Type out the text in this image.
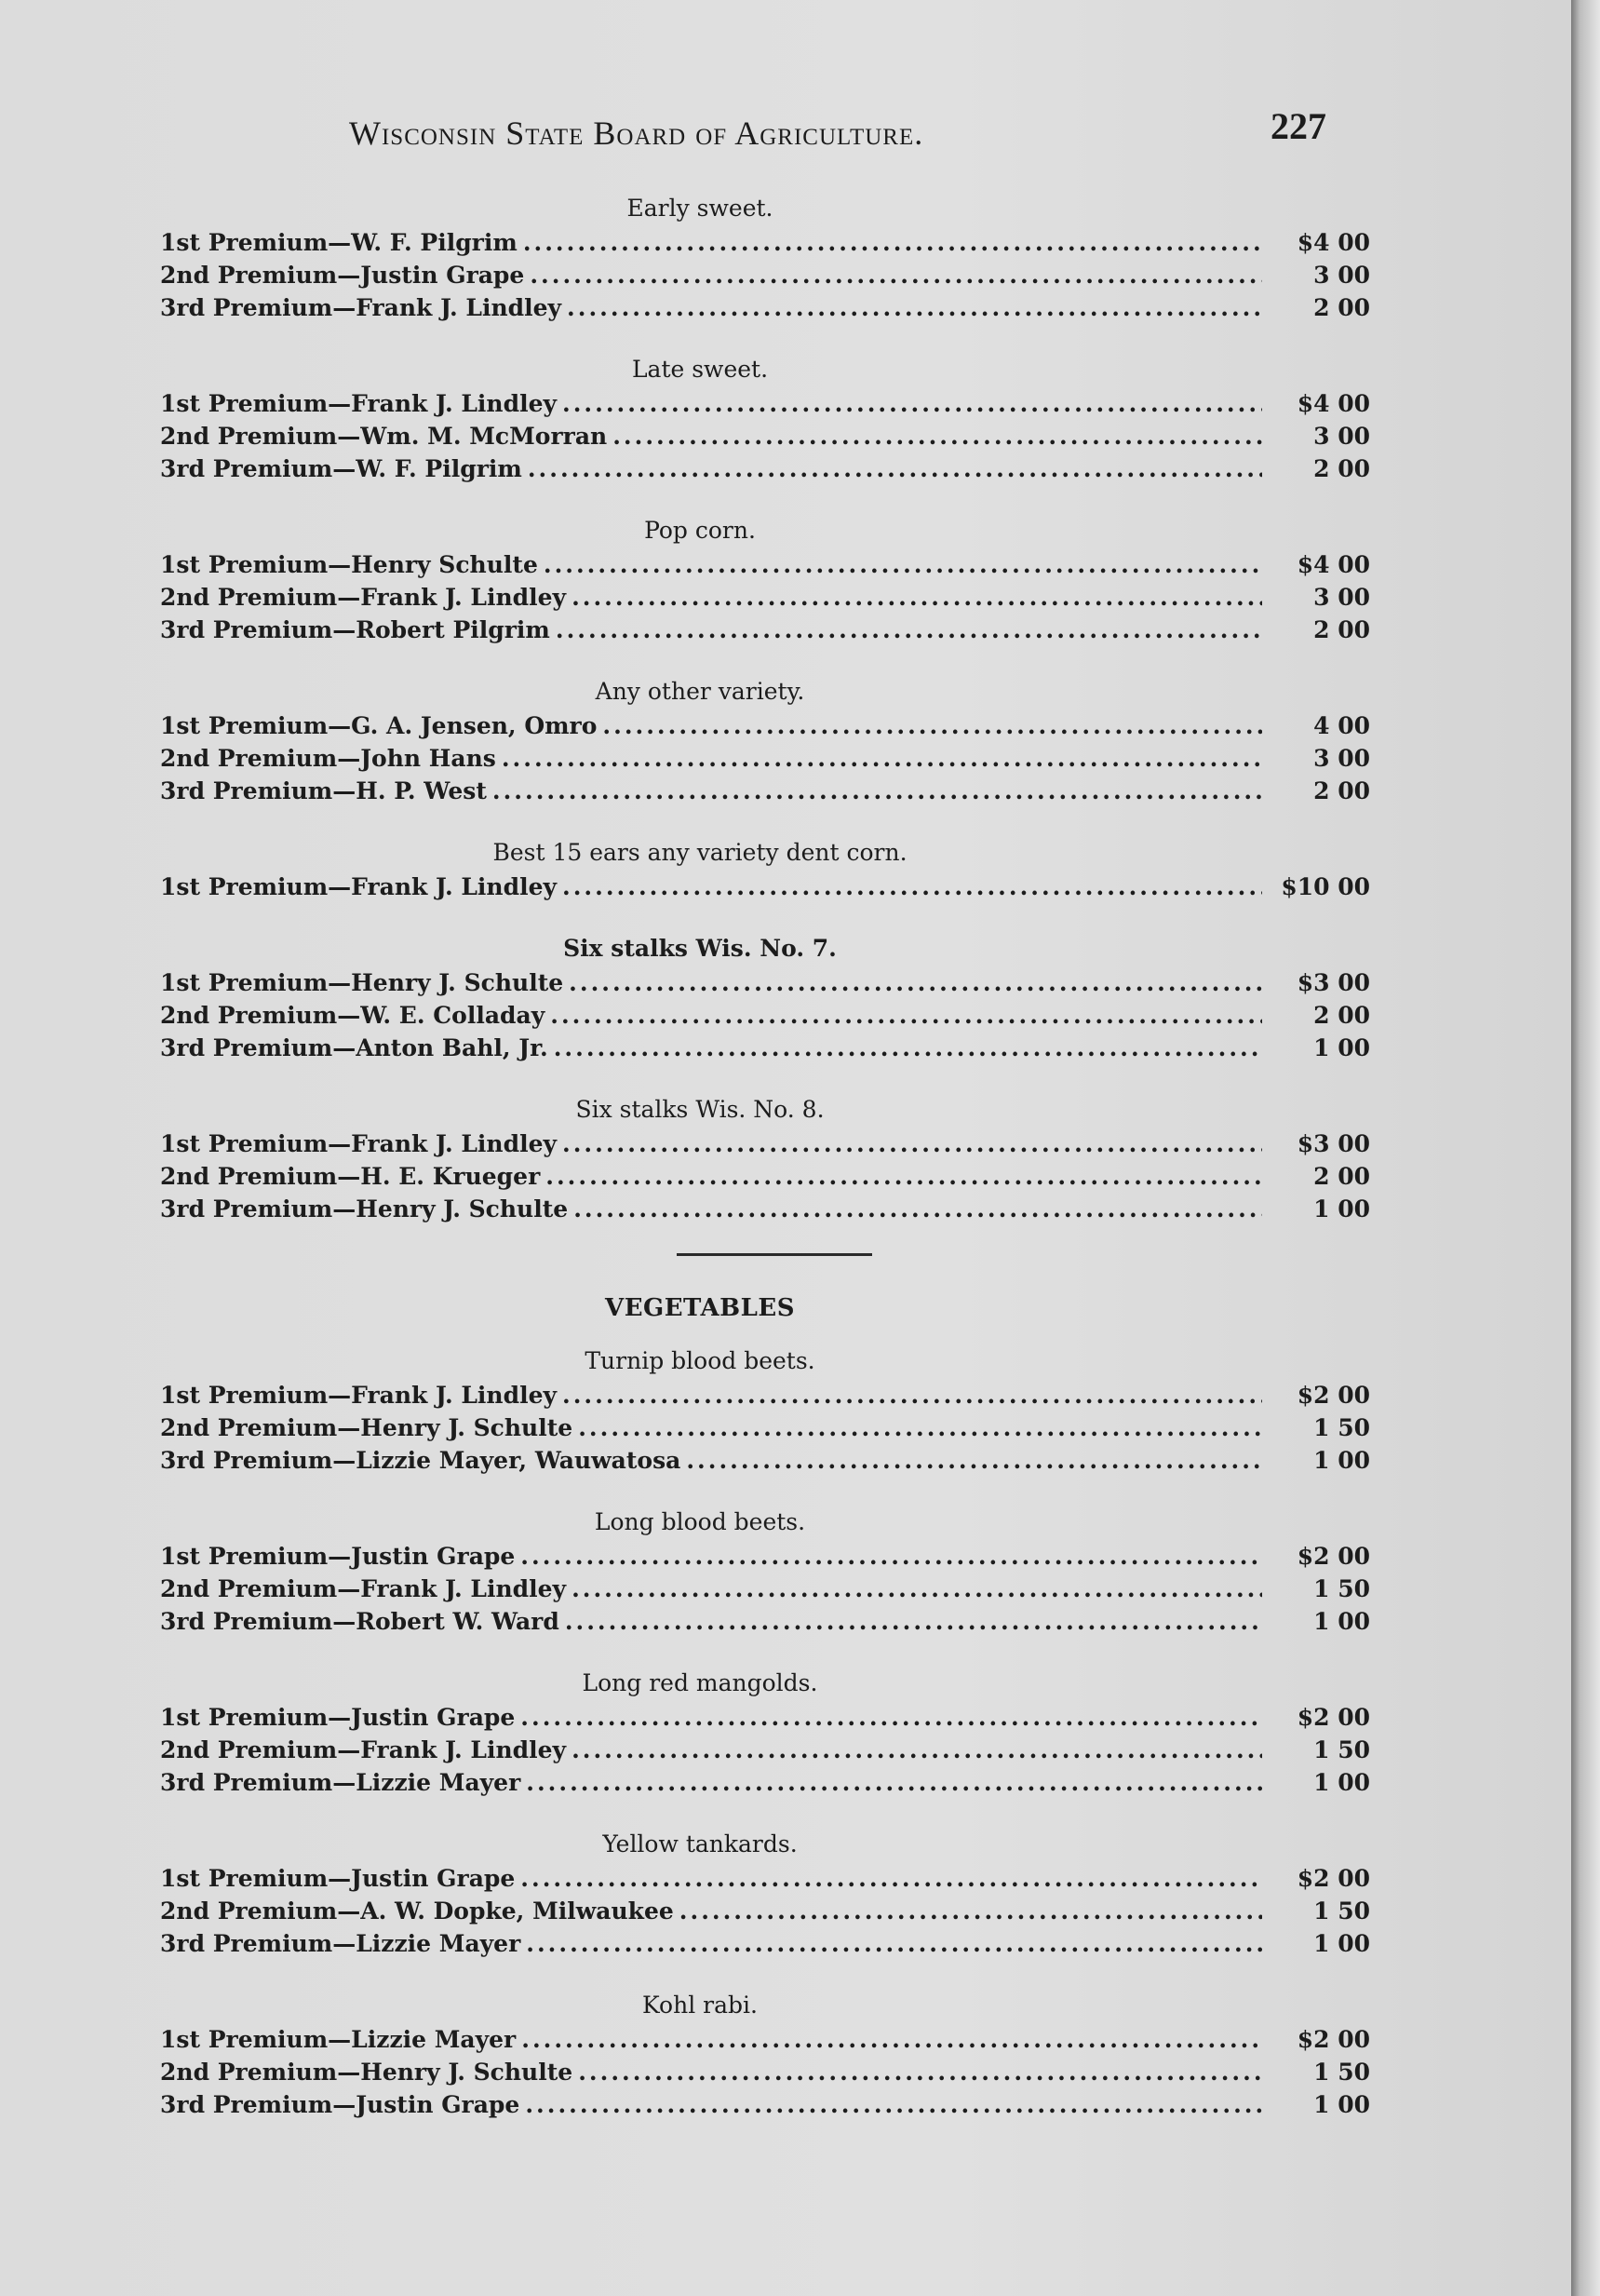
Wisconsin State Board of Agriculture.	227
Early sweet.
1st Premium—W. F. Pilgrim .....	$4 00
2nd Premium—Justin Grape .....	3 00
3rd Premium—Frank J. Lindley .....	2 00
Late sweet.
1st Premium—Frank J. Lindley .....	$4 00
2nd Premium—Wm. M. McMorran .....	3 00
3rd Premium—W. F. Pilgrim .....	2 00
Pop corn.
1st Premium—Henry Schulte .....	$4 00
2nd Premium—Frank J. Lindley .....	3 00
3rd Premium—Robert Pilgrim .....	2 00
Any other variety.
1st Premium—G. A. Jensen, Omro .....	4 00
2nd Premium—John Hans .....	3 00
3rd Premium—H. P. West .....	2 00
Best 15 ears any variety dent corn.
1st Premium—Frank J. Lindley .....	$10 00
Six stalks Wis. No. 7.
1st Premium—Henry J. Schulte .....	$3 00
2nd Premium—W. E. Colladay .....	2 00
3rd Premium—Anton Bahl, Jr. .....	1 00
Six stalks Wis. No. 8.
1st Premium—Frank J. Lindley .....	$3 00
2nd Premium—H. E. Krueger .....	2 00
3rd Premium—Henry J. Schulte .....	1 00
VEGETABLES
Turnip blood beets.
1st Premium—Frank J. Lindley .....	$2 00
2nd Premium—Henry J. Schulte .....	1 50
3rd Premium—Lizzie Mayer, Wauwatosa .....	1 00
Long blood beets.
1st Premium—Justin Grape .....	$2 00
2nd Premium—Frank J. Lindley .....	1 50
3rd Premium—Robert W. Ward .....	1 00
Long red mangolds.
1st Premium—Justin Grape .....	$2 00
2nd Premium—Frank J. Lindley .....	1 50
3rd Premium—Lizzie Mayer .....	1 00
Yellow tankards.
1st Premium—Justin Grape .....	$2 00
2nd Premium—A. W. Dopke, Milwaukee .....	1 50
3rd Premium—Lizzie Mayer .....	1 00
Kohl rabi.
1st Premium—Lizzie Mayer .....	$2 00
2nd Premium—Henry J. Schulte .....	1 50
3rd Premium—Justin Grape .....	1 00
